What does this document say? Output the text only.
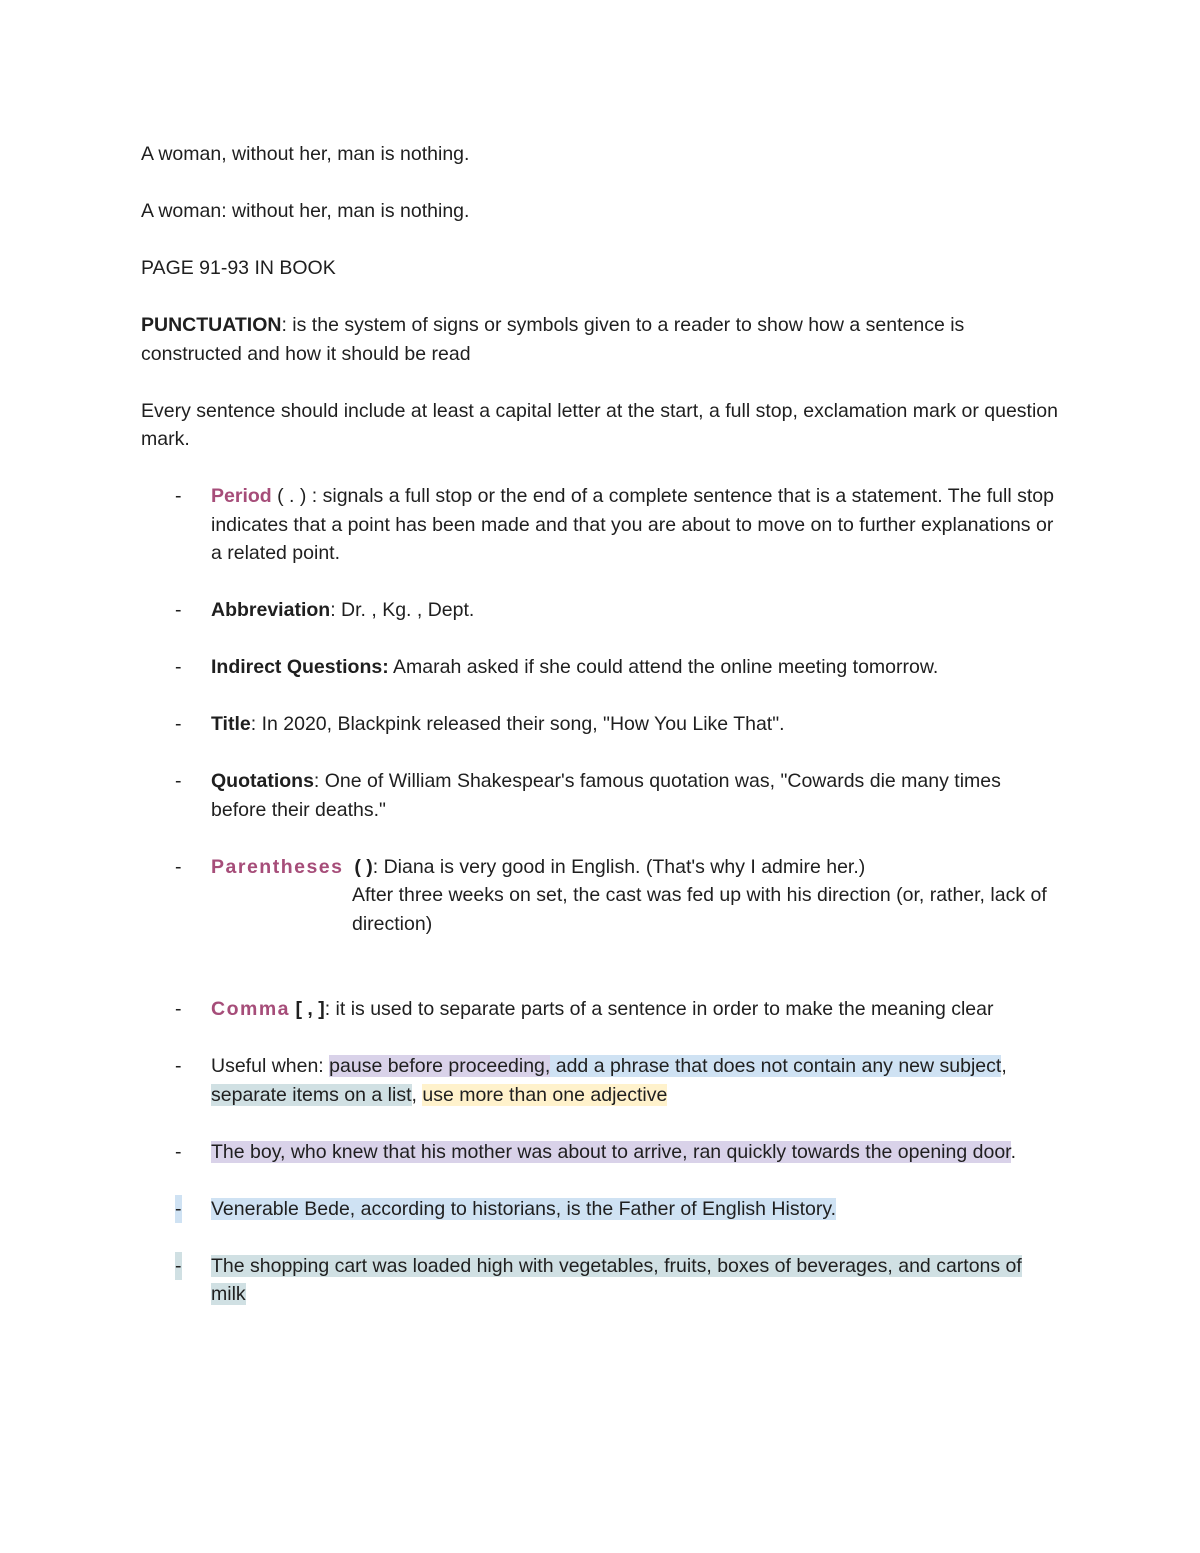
A woman, without her, man is nothing.

A woman: without her, man is nothing.

PAGE 91-93 IN BOOK

PUNCTUATION: is the system of signs or symbols given to a reader to show how a sentence is constructed and how it should be read

Every sentence should include at least a capital letter at the start, a full stop, exclamation mark or question mark.

- Period ( . ) : signals a full stop or the end of a complete sentence that is a statement. The full stop indicates that a point has been made and that you are about to move on to further explanations or a related point.
- Abbreviation: Dr. , Kg. , Dept.
- Indirect Questions: Amarah asked if she could attend the online meeting tomorrow.
- Title: In 2020, Blackpink released their song, "How You Like That".
- Quotations: One of William Shakespear's famous quotation was, "Cowards die many times before their deaths."
- Parentheses ( ): Diana is very good in English. (That's why I admire her.)
After three weeks on set, the cast was fed up with his direction (or, rather, lack of direction)
- Comma [ , ]: it is used to separate parts of a sentence in order to make the meaning clear
- Useful when: pause before proceeding, add a phrase that does not contain any new subject, separate items on a list, use more than one adjective
- The boy, who knew that his mother was about to arrive, ran quickly towards the opening door.
- Venerable Bede, according to historians, is the Father of English History.
- The shopping cart was loaded high with vegetables, fruits, boxes of beverages, and cartons of milk
